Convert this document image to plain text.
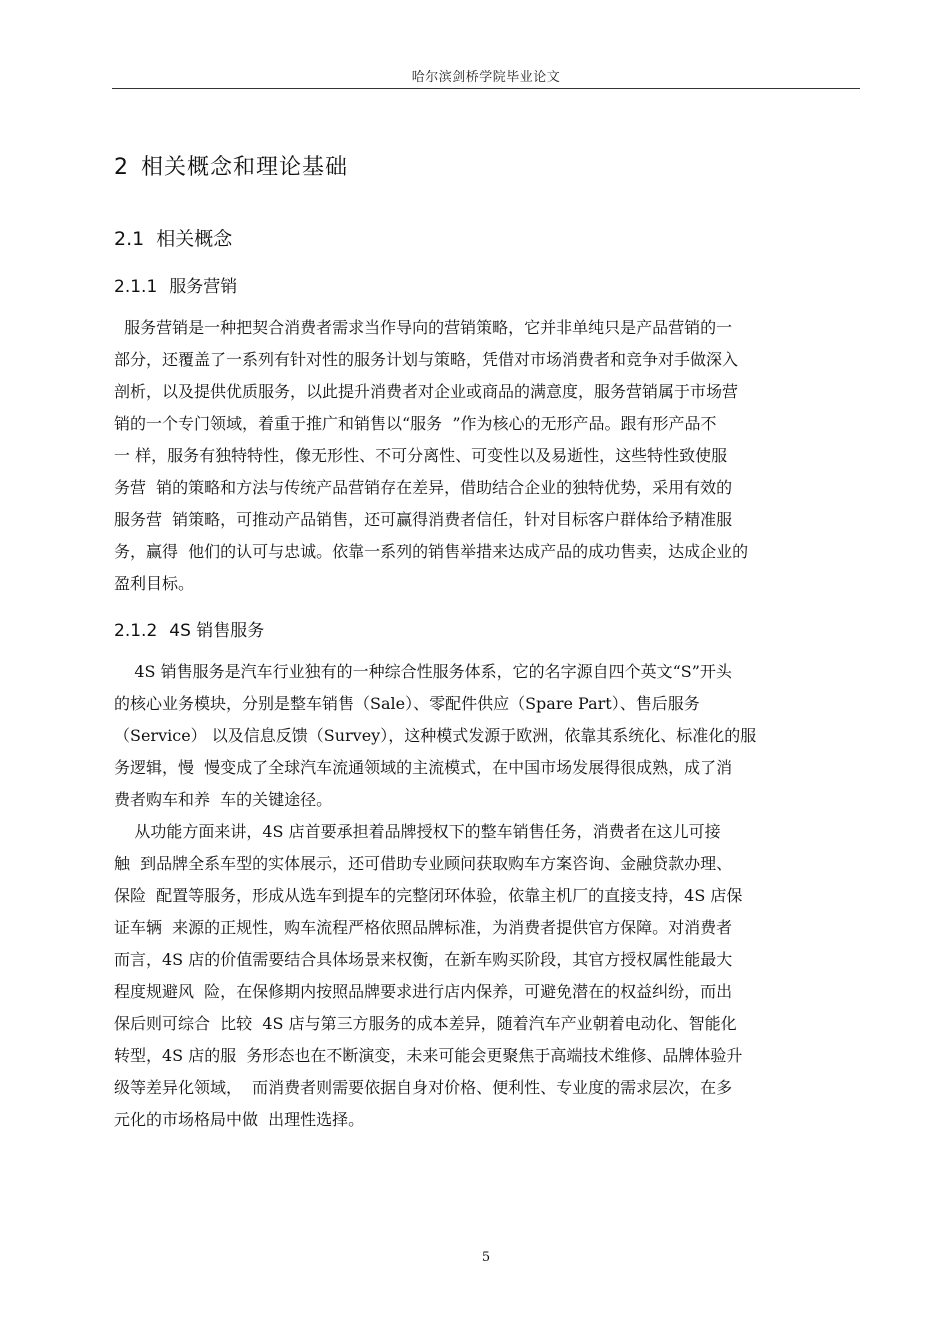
哈尔滨剑桥学院毕业论文
2 相关概念和理论基础
2.1 相关概念
2.1.1 服务营销
服务营销是一种把契合消费者需求当作导向的营销策略，它并非单纯只是产品营销的一
部分，还覆盖了一系列有针对性的服务计划与策略，凭借对市场消费者和竞争对手做深入
剖析，以及提供优质服务，以此提升消费者对企业或商品的满意度，服务营销属于市场营
销的一个专门领域，着重于推广和销售以“服务  ”作为核心的无形产品。跟有形产品不
一 样，服务有独特特性，像无形性、不可分离性、可变性以及易逝性，这些特性致使服
务营  销的策略和方法与传统产品营销存在差异，借助结合企业的独特优势，采用有效的
服务营  销策略，可推动产品销售，还可赢得消费者信任，针对目标客户群体给予精准服
务，赢得  他们的认可与忠诚。依靠一系列的销售举措来达成产品的成功售卖，达成企业的
盈利目标。
2.1.2 4S 销售服务
4S 销售服务是汽车行业独有的一种综合性服务体系，它的名字源自四个英文“S”开头
的核心业务模块，分别是整车销售（Sale）、零配件供应（Spare Part）、售后服务
（Service） 以及信息反馈（Survey），这种模式发源于欧洲，依靠其系统化、标准化的服
务逻辑，慢  慢变成了全球汽车流通领域的主流模式，在中国市场发展得很成熟，成了消
费者购车和养  车的关键途径。
从功能方面来讲，4S 店首要承担着品牌授权下的整车销售任务，消费者在这儿可接
触  到品牌全系车型的实体展示，还可借助专业顾问获取购车方案咨询、金融贷款办理、
保险  配置等服务，形成从选车到提车的完整闭环体验，依靠主机厂的直接支持，4S 店保
证车辆  来源的正规性，购车流程严格依照品牌标准，为消费者提供官方保障。对消费者
而言，4S 店的价值需要结合具体场景来权衡，在新车购买阶段，其官方授权属性能最大
程度规避风  险，在保修期内按照品牌要求进行店内保养，可避免潜在的权益纠纷，而出
保后则可综合  比较  4S 店与第三方服务的成本差异，随着汽车产业朝着电动化、智能化
转型，4S 店的服  务形态也在不断演变，未来可能会更聚焦于高端技术维修、品牌体验升
级等差异化领域，  而消费者则需要依据自身对价格、便利性、专业度的需求层次，在多
元化的市场格局中做  出理性选择。
5
